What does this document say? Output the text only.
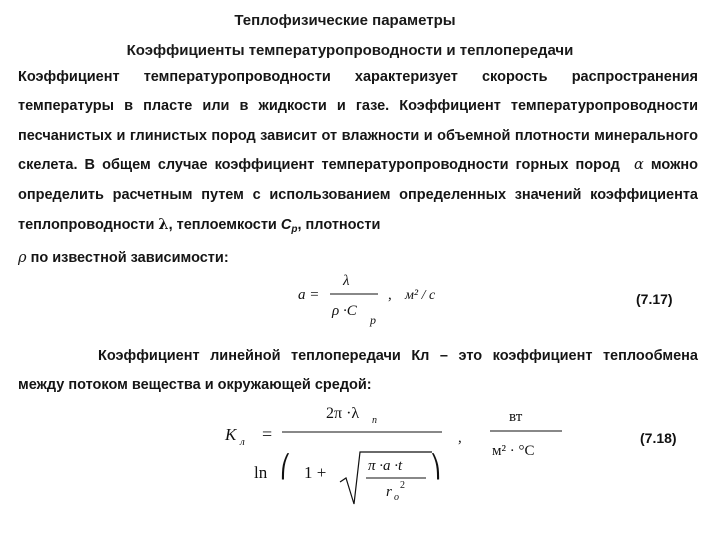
Теплофизические параметры
Коэффициенты температуропроводности и теплопередачи

Коэффициент температуропроводности характеризует скорость распространения температуры в пласте или в жидкости и газе. Коэффициент температуропроводности песчанистых и глинистых пород зависит от влажности и объемной плотности минерального скелета. В общем случае коэффициент температуропроводности горных пород α можно определить расчетным путем с использованием определенных значений коэффициента теплопроводности λ, теплоемкости $C_p$, плотности
ρ по известной зависимости:

a =
λ
ρ ·C
p
, м² / с	(7.17)

Коэффициент линейной теплопередачи Кл – это коэффициент теплообмена между потоком вещества и окружающей средой:

K л =
2π ·λ п
ln ⎛ 1 +	π ·a ·t
r o
2
⎞
,
вт
м² · °C
(7.18)
